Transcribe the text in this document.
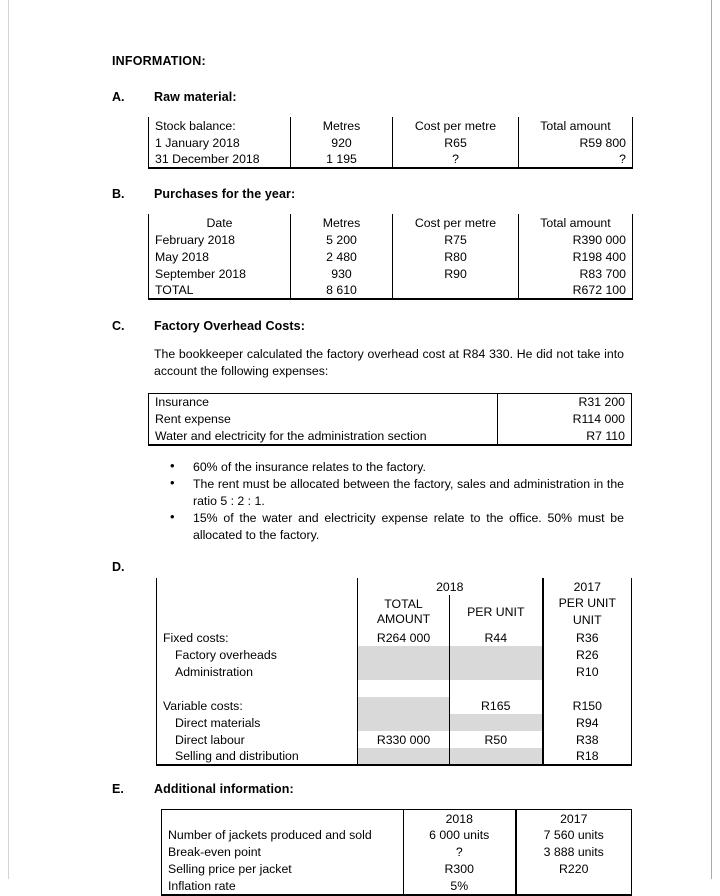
INFORMATION:
A.	Raw material:
Stock balance:	Metres	Cost per metre	Total amount
1 January 2018	920	R65	R59 800
31 December 2018	1 195	?	?
B.	Purchases for the year:
Date	Metres	Cost per metre	Total amount
February 2018	5 200	R75	R390 000
May 2018	2 480	R80	R198 400
September 2018	930	R90	R83 700
TOTAL	8 610		R672 100
C.	Factory Overhead Costs:
The bookkeeper calculated the factory overhead cost at R84 330. He did not take into account the following expenses:
Insurance	R31 200
Rent expense	R114 000
Water and electricity for the administration section	R7 110
• 60% of the insurance relates to the factory.
• The rent must be allocated between the factory, sales and administration in the ratio 5 : 2 : 1.
• 15% of the water and electricity expense relate to the office. 50% must be allocated to the factory.
D.
	2018		2017
	TOTAL AMOUNT	PER UNIT	PER UNIT
			UNIT
Fixed costs:	R264 000	R44	R36
Factory overheads			R26
Administration			R10

Variable costs:		R165	R150
Direct materials			R94
Direct labour	R330 000	R50	R38
Selling and distribution			R18
E.	Additional information:
	2018	2017
Number of jackets produced and sold	6 000 units	7 560 units
Break-even point	?	3 888 units
Selling price per jacket	R300	R220
Inflation rate	5%	
